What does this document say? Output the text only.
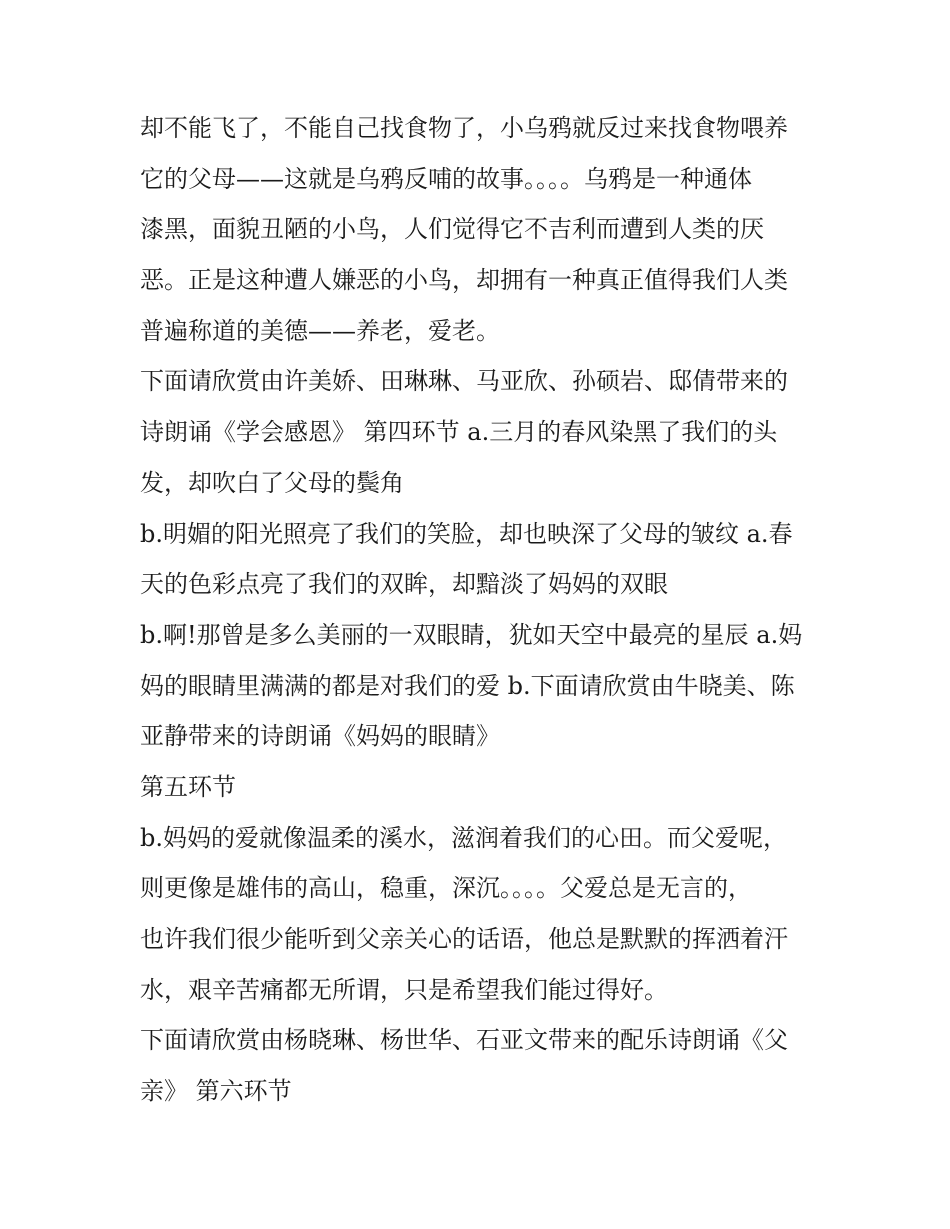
却不能飞了，不能自己找食物了，小乌鸦就反过来找食物喂养
它的父母——这就是乌鸦反哺的故事。。。。乌鸦是一种通体
漆黑，面貌丑陋的小鸟，人们觉得它不吉利而遭到人类的厌
恶。正是这种遭人嫌恶的小鸟，却拥有一种真正值得我们人类
普遍称道的美德——养老，爱老。
下面请欣赏由许美娇、田琳琳、马亚欣、孙硕岩、邸倩带来的
诗朗诵《学会感恩》 第四环节 a.三月的春风染黑了我们的头
发，却吹白了父母的鬓角
b.明媚的阳光照亮了我们的笑脸，却也映深了父母的皱纹 a.春
天的色彩点亮了我们的双眸，却黯淡了妈妈的双眼
b.啊!那曾是多么美丽的一双眼睛，犹如天空中最亮的星辰 a.妈
妈的眼睛里满满的都是对我们的爱 b.下面请欣赏由牛晓美、陈
亚静带来的诗朗诵《妈妈的眼睛》
第五环节
b.妈妈的爱就像温柔的溪水，滋润着我们的心田。而父爱呢，
则更像是雄伟的高山，稳重，深沉。。。。父爱总是无言的，
也许我们很少能听到父亲关心的话语，他总是默默的挥洒着汗
水，艰辛苦痛都无所谓，只是希望我们能过得好。
下面请欣赏由杨晓琳、杨世华、石亚文带来的配乐诗朗诵《父
亲》 第六环节
